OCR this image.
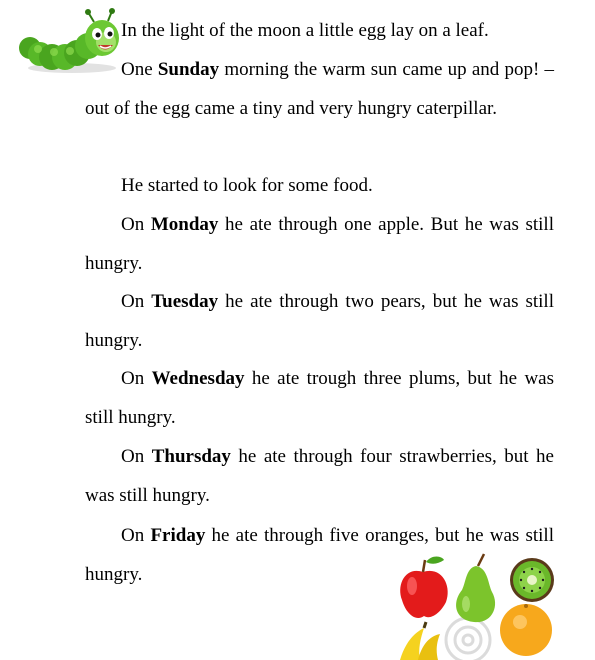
In the light of the moon a little egg lay on a leaf.

One Sunday morning the warm sun came up and pop! – out of the egg came a tiny and very hungry caterpillar.

He started to look for some food.

On Monday he ate through one apple. But he was still hungry.

On Tuesday he ate through two pears, but he was still hungry.

On Wednesday he ate trough three plums, but he was still hungry.

On Thursday he ate through four strawberries, but he was still hungry.

On Friday he ate through five oranges, but he was still hungry.
